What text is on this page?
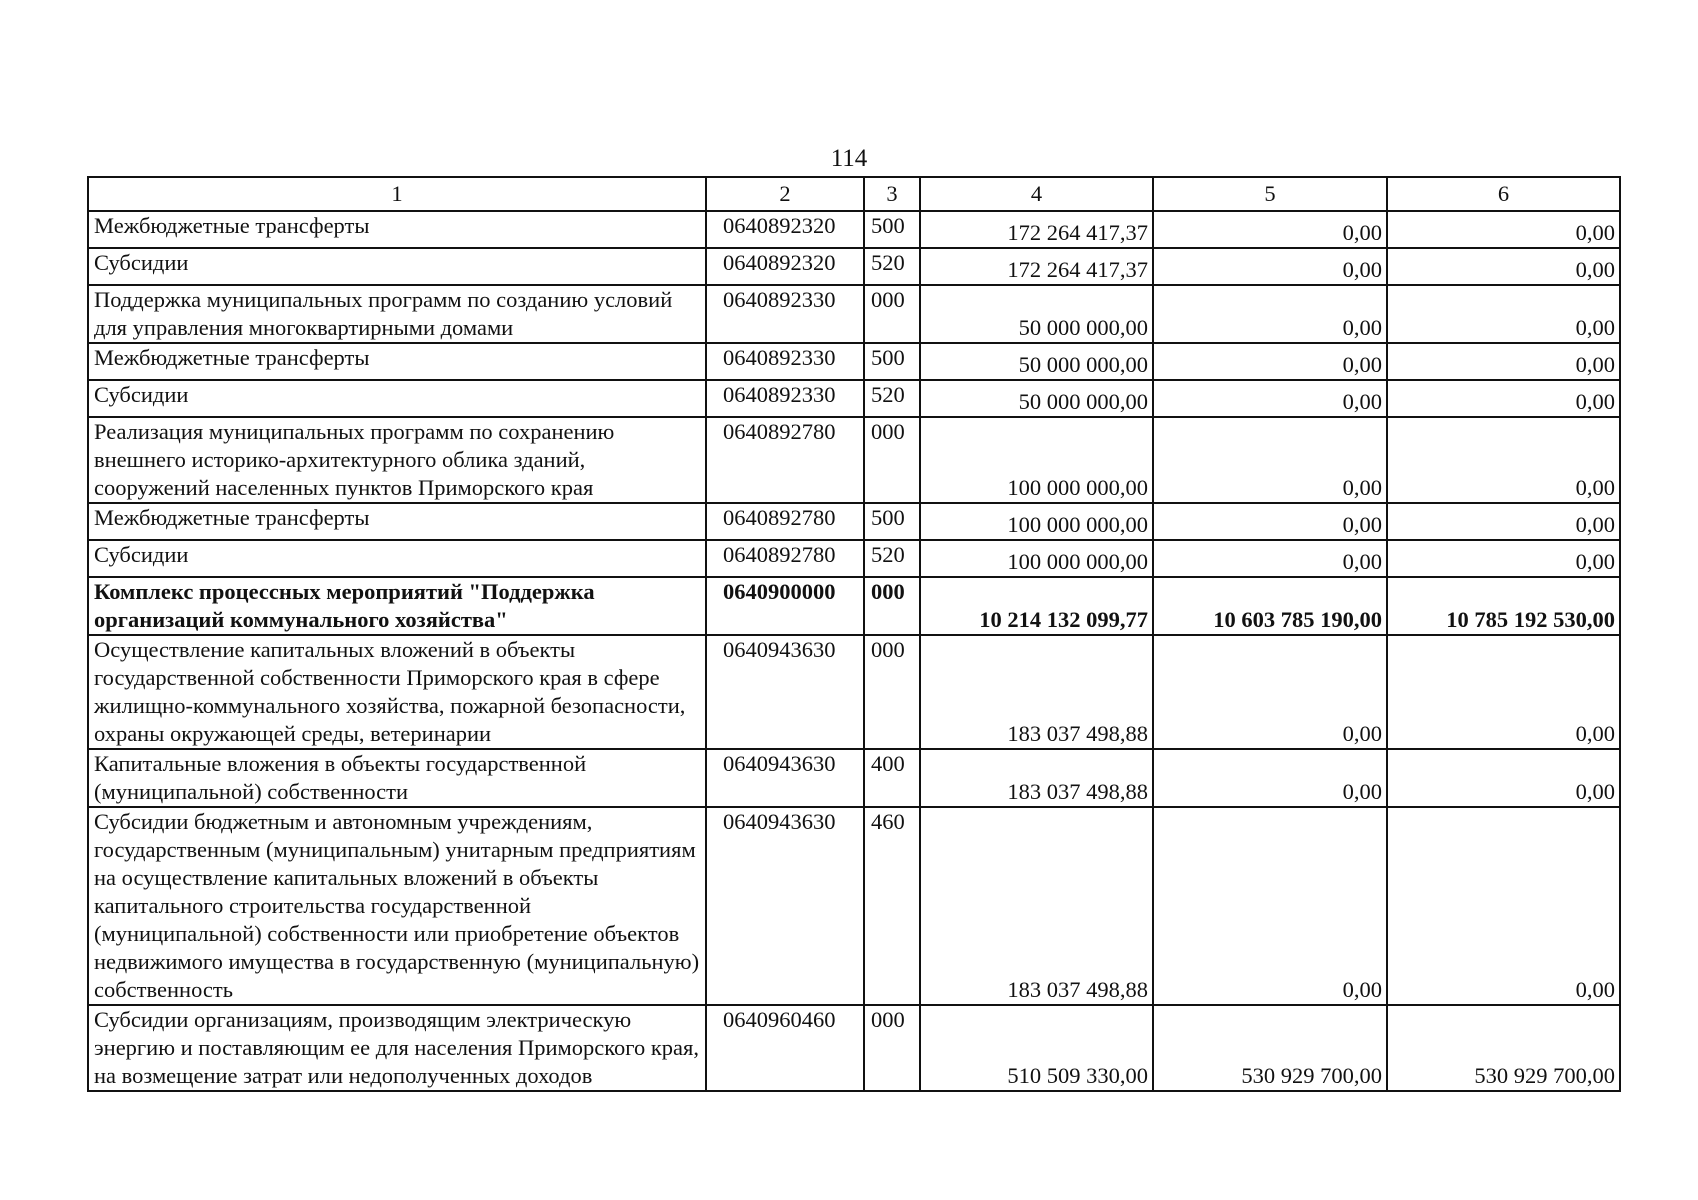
114
1	2	3	4	5	6
Межбюджетные трансферты	0640892320	500	172 264 417,37	0,00	0,00
Субсидии	0640892320	520	172 264 417,37	0,00	0,00
Поддержка муниципальных программ по созданию условий для управления многоквартирными домами	0640892330	000	50 000 000,00	0,00	0,00
Межбюджетные трансферты	0640892330	500	50 000 000,00	0,00	0,00
Субсидии	0640892330	520	50 000 000,00	0,00	0,00
Реализация муниципальных программ по сохранению внешнего историко-архитектурного облика зданий, сооружений населенных пунктов Приморского края	0640892780	000	100 000 000,00	0,00	0,00
Межбюджетные трансферты	0640892780	500	100 000 000,00	0,00	0,00
Субсидии	0640892780	520	100 000 000,00	0,00	0,00
Комплекс процессных мероприятий "Поддержка организаций коммунального хозяйства"	0640900000	000	10 214 132 099,77	10 603 785 190,00	10 785 192 530,00
Осуществление капитальных вложений в объекты государственной собственности Приморского края в сфере жилищно-коммунального хозяйства, пожарной безопасности, охраны окружающей среды, ветеринарии	0640943630	000	183 037 498,88	0,00	0,00
Капитальные вложения в объекты государственной (муниципальной) собственности	0640943630	400	183 037 498,88	0,00	0,00
Субсидии бюджетным и автономным учреждениям, государственным (муниципальным) унитарным предприятиям на осуществление капитальных вложений в объекты капитального строительства государственной (муниципальной) собственности или приобретение объектов недвижимого имущества в государственную (муниципальную) собственность	0640943630	460	183 037 498,88	0,00	0,00
Субсидии организациям, производящим электрическую энергию и поставляющим ее для населения Приморского края, на возмещение затрат или недополученных доходов	0640960460	000	510 509 330,00	530 929 700,00	530 929 700,00
